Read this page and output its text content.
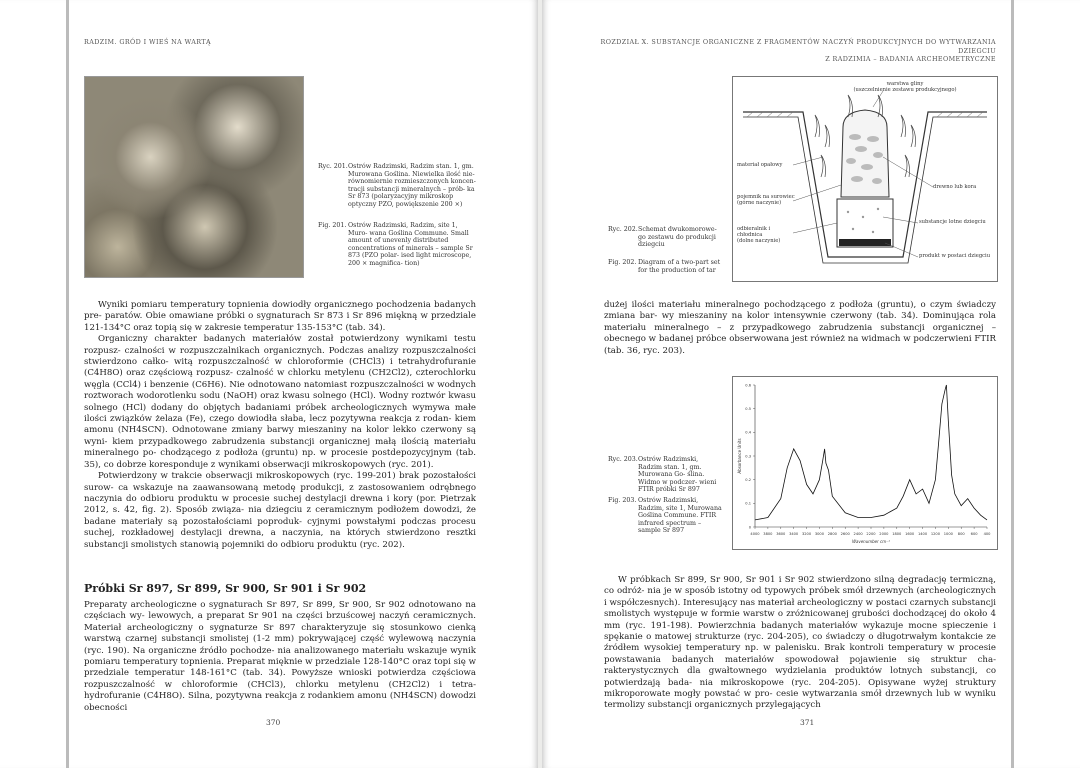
RADZIM. GRÓD I WIEŚ NA WARTĄ
Ryc. 201.Ostrów Radzimski, Radzim stan. 1, gm. Murowana Goślina. Niewielka ilość nie- równomiernie rozmieszczonych koncen- tracji substancji mineralnych – prób- ka Sr 873 (polaryzacyjny mikroskop optyczny PZO, powiększenie 200 ×)
Fig. 201. Ostrów Radzimski, Radzim, site 1, Muro- wana Goślina Commune. Small amount of unevenly distributed concentrations of minerals – sample Sr 873 (PZO polar- ised light microscope, 200 × magnifica- tion)

Wyniki pomiaru temperatury topnienia dowiodły organicznego pochodzenia badanych pre- paratów. Obie omawiane próbki o sygnaturach Sr 873 i Sr 896 miękną w przedziale 121-134°C oraz topią się w zakresie temperatur 135-153°C (tab. 34).

Organiczny charakter badanych materiałów został potwierdzony wynikami testu rozpusz- czalności w rozpuszczalnikach organicznych. Podczas analizy rozpuszczalności stwierdzono całko- witą rozpuszczalność w chloroformie (CHCl3) i tetrahydrofuranie (C4H8O) oraz częściową rozpusz- czalność w chlorku metylenu (CH2Cl2), czterochlorku węgla (CCl4) i benzenie (C6H6). Nie odnotowano natomiast rozpuszczalności w wodnych roztworach wodorotlenku sodu (NaOH) oraz kwasu solnego (HCl). Wodny roztwór kwasu solnego (HCl) dodany do objętych badaniami próbek archeologicznych wymywa małe ilości związków żelaza (Fe), czego dowiodła słaba, lecz pozytywna reakcja z rodan- kiem amonu (NH4SCN). Odnotowane zmiany barwy mieszaniny na kolor lekko czerwony są wyni- kiem przypadkowego zabrudzenia substancji organicznej małą ilością materiału mineralnego po- chodzącego z podłoża (gruntu) np. w procesie postdepozycyjnym (tab. 35), co dobrze koresponduje z wynikami obserwacji mikroskopowych (ryc. 201).

Potwierdzony w trakcie obserwacji mikroskopowych (ryc. 199-201) brak pozostałości surow- ca wskazuje na zaawansowaną metodę produkcji, z zastosowaniem odrębnego naczynia do odbioru produktu w procesie suchej destylacji drewna i kory (por. Pietrzak 2012, s. 42, fig. 2). Sposób związa- nia dziegciu z ceramicznym podłożem dowodzi, że badane materiały są pozostałościami poproduk- cyjnymi powstałymi podczas procesu suchej, rozkładowej destylacji drewna, a naczynia, na których stwierdzono resztki substancji smolistych stanowią pojemniki do odbioru produktu (ryc. 202).

Próbki Sr 897, Sr 899, Sr 900, Sr 901 i Sr 902

Preparaty archeologiczne o sygnaturach Sr 897, Sr 899, Sr 900, Sr 902 odnotowano na częściach wy- lewowych, a preparat Sr 901 na części brzuścowej naczyń ceramicznych. Materiał archeologiczny o sygnaturze Sr 897 charakteryzuje się stosunkowo cienką warstwą czarnej substancji smolistej (1-2 mm) pokrywającej część wylewową naczynia (ryc. 190). Na organiczne źródło pochodze- nia analizowanego materiału wskazuje wynik pomiaru temperatury topnienia. Preparat mięknie w przedziale 128-140°C oraz topi się w przedziale temperatur 148-161°C (tab. 34). Powyższe wnioski potwierdza częściowa rozpuszczalność w chloroformie (CHCl3), chlorku metylenu (CH2Cl2) i tetra- hydrofuranie (C4H8O). Silna, pozytywna reakcja z rodankiem amonu (NH4SCN) dowodzi obecności

370
ROZDZIAŁ X. SUBSTANCJE ORGANICZNE Z FRAGMENTÓW NACZYŃ PRODUKCYJNYCH DO WYTWARZANIA DZIEGCIU
Z RADZIMIA – BADANIA ARCHEOMETRYCZNE
warstwa gliny
(uszczelnienie zestawu produkcyjnego)
materiał opałowy
pojemnik na surowiec
(górne naczynie)
drewno lub kora
odbieralnik i chłodnica
(dolne naczynie)
substancje lotne dziegciu
produkt w postaci dziegciu
Ryc. 202.Schemat dwukomorowe- go zestawu do produkcji dziegciu
Fig. 202. Diagram of a two-part set for the production of tar

dużej ilości materiału mineralnego pochodzącego z podłoża (gruntu), o czym świadczy zmiana bar- wy mieszaniny na kolor intensywnie czerwony (tab. 34). Dominująca rola materiału mineralnego – z przypadkowego zabrudzenia substancji organicznej – obecnego w badanej próbce obserwowana jest również na widmach w podczerwieni FTIR (tab. 36, ryc. 203).

4000 3800 3600 3400 3200 3000 2800 2600 2400 2200 2000 1800 1600 1400 1200 1000 800 600 400
0
0.1
0.2
0.3
0.4
0.5
0.6
Wavenumber cm⁻¹
Absorbance Units
Ryc. 203.Ostrów Radzimski, Radzim stan. 1, gm. Murowana Go- ślina. Widmo w podczer- wieni FTIR próbki Sr 897
Fig. 203. Ostrów Radzimski, Radzim, site 1, Murowana Goślina Commune. FTIR infrared spectrum – sample Sr 897

W próbkach Sr 899, Sr 900, Sr 901 i Sr 902 stwierdzono silną degradację termiczną, co odróż- nia je w sposób istotny od typowych próbek smół drzewnych (archeologicznych i współczesnych). Interesujący nas materiał archeologiczny w postaci czarnych substancji smolistych występuje w formie warstw o zróżnicowanej grubości dochodzącej do około 4 mm (ryc. 191-198). Powierzchnia badanych materiałów wykazuje mocne spieczenie i spękanie o matowej strukturze (ryc. 204-205), co świadczy o długotrwałym kontakcie ze źródłem wysokiej temperatury np. w palenisku. Brak kontroli temperatury w procesie powstawania badanych materiałów spowodował pojawienie się struktur cha- rakterystycznych dla gwałtownego wydzielania produktów lotnych substancji, co potwierdzają bada- nia mikroskopowe (ryc. 204-205). Opisywane wyżej struktury mikroporowate mogły powstać w pro- cesie wytwarzania smół drzewnych lub w wyniku termolizy substancji organicznych przylegających

371
